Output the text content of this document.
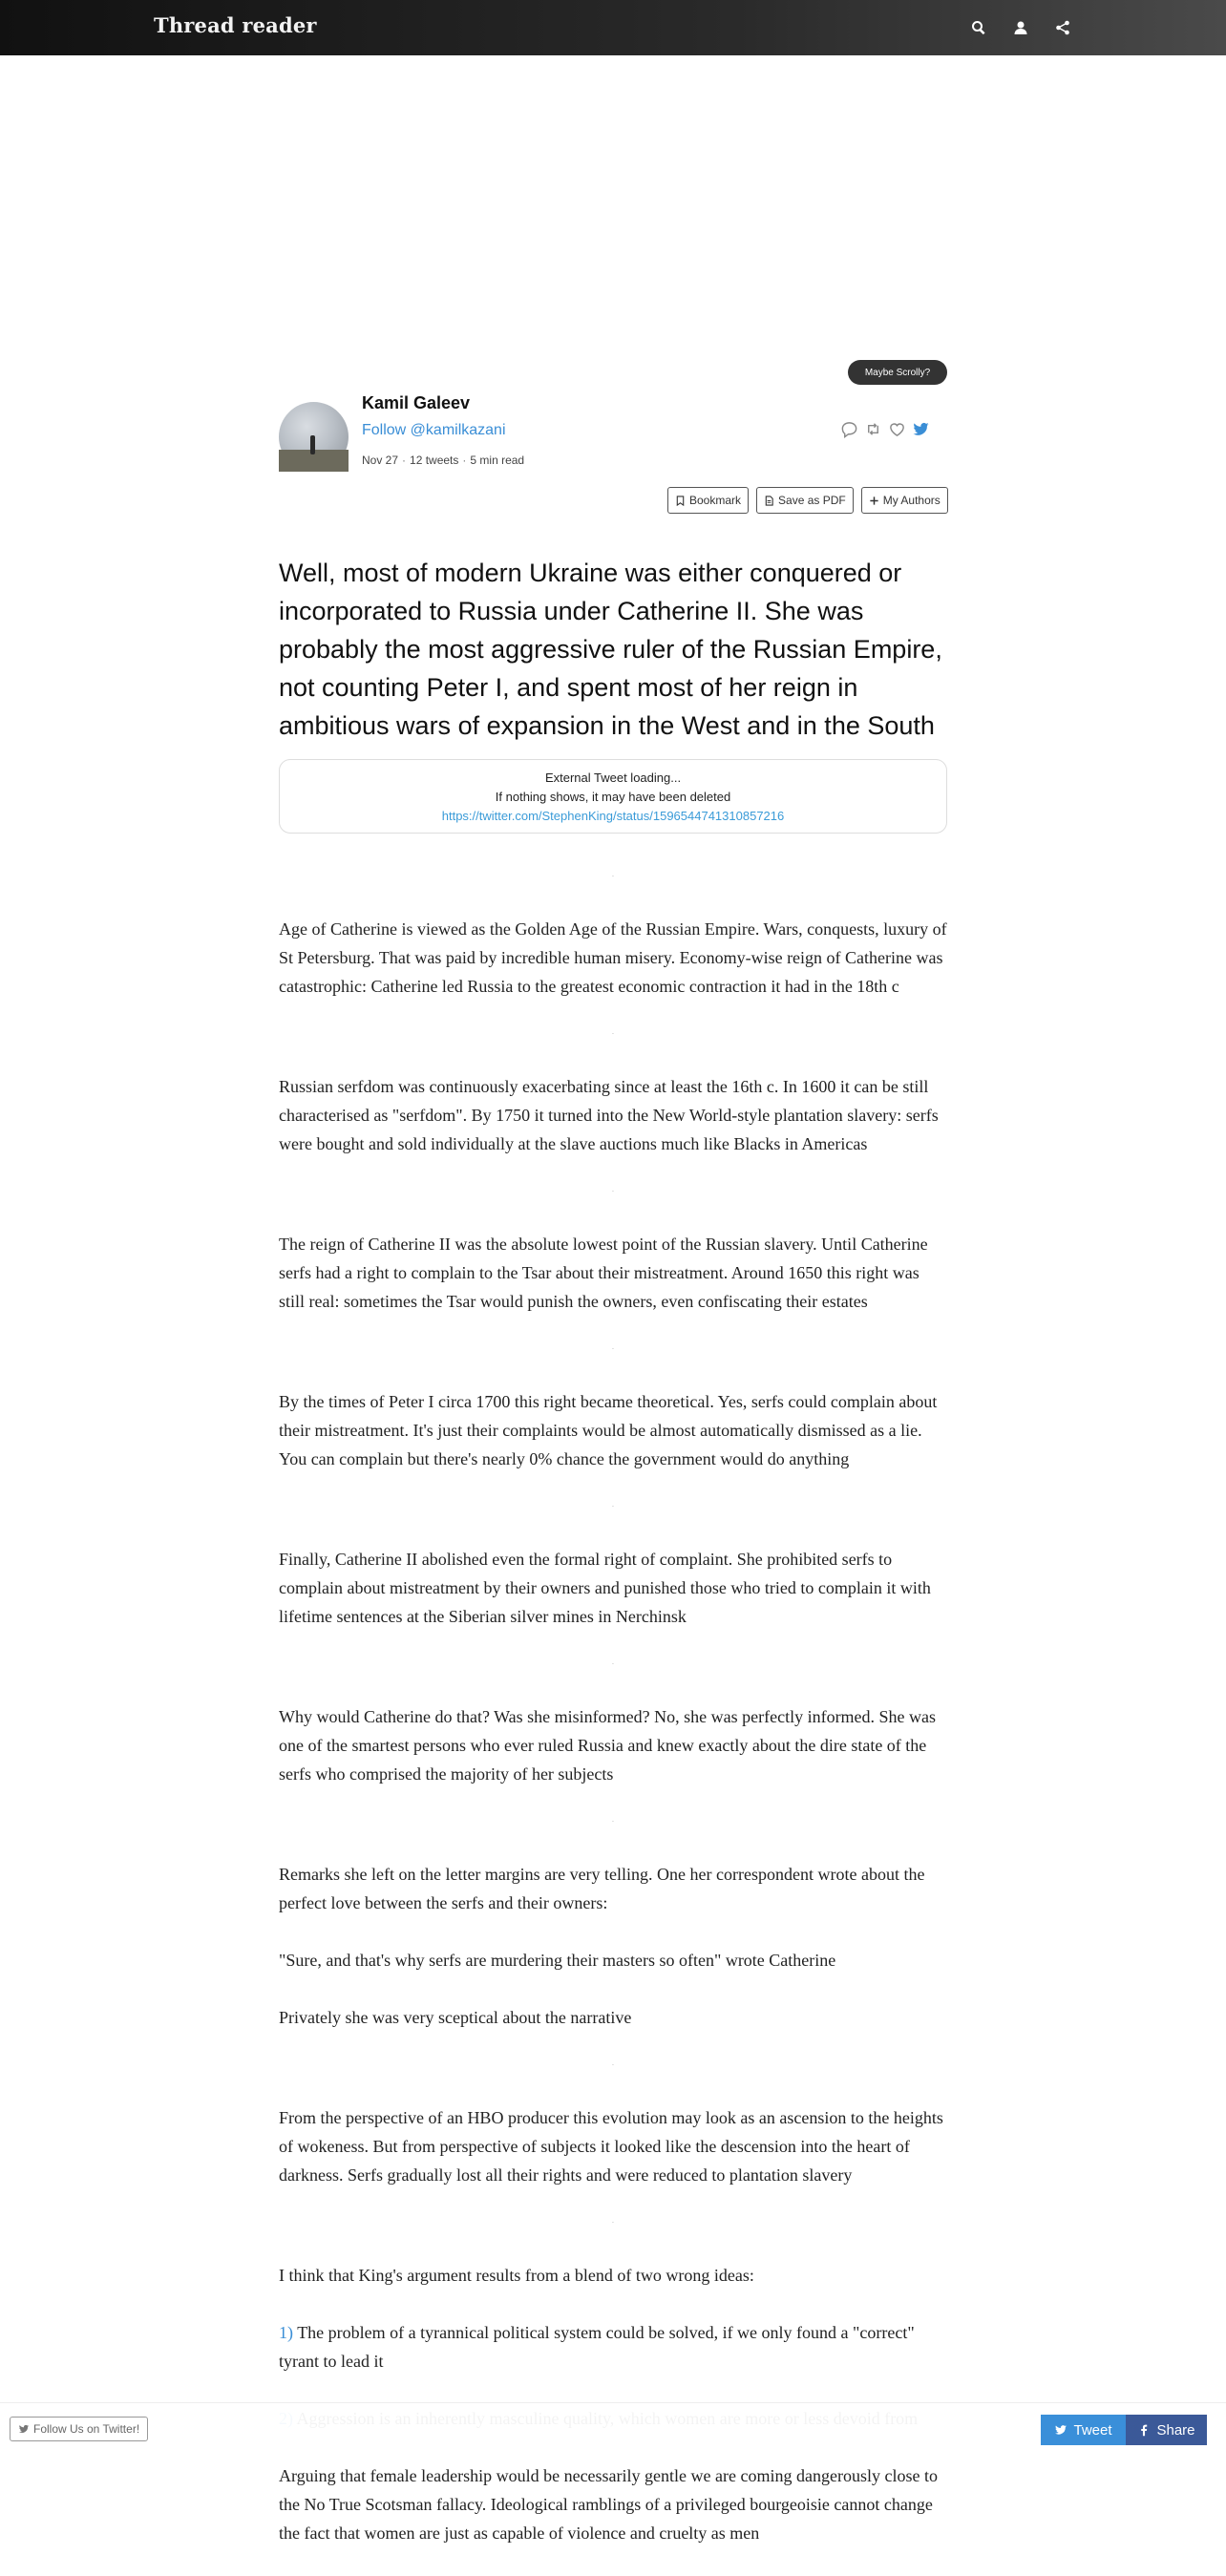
Thread reader
Maybe Scrolly?
Kamil Galeev
Follow @kamilkazani
Nov 27 · 12 tweets · 5 min read
Bookmark	Save as PDF	My Authors
Well, most of modern Ukraine was either conquered or incorporated to Russia under Catherine II. She was probably the most aggressive ruler of the Russian Empire, not counting Peter I, and spent most of her reign in ambitious wars of expansion in the West and in the South
External Tweet loading...
If nothing shows, it may have been deleted
https://twitter.com/StephenKing/status/1596544741310857216
·

Age of Catherine is viewed as the Golden Age of the Russian Empire. Wars, conquests, luxury of St Petersburg. That was paid by incredible human misery. Economy-wise reign of Catherine was catastrophic: Catherine led Russia to the greatest economic contraction it had in the 18th c

·

Russian serfdom was continuously exacerbating since at least the 16th c. In 1600 it can be still characterised as "serfdom". By 1750 it turned into the New World-style plantation slavery: serfs were bought and sold individually at the slave auctions much like Blacks in Americas

·

The reign of Catherine II was the absolute lowest point of the Russian slavery. Until Catherine serfs had a right to complain to the Tsar about their mistreatment. Around 1650 this right was still real: sometimes the Tsar would punish the owners, even confiscating their estates

·

By the times of Peter I circa 1700 this right became theoretical. Yes, serfs could complain about their mistreatment. It's just their complaints would be almost automatically dismissed as a lie. You can complain but there's nearly 0% chance the government would do anything

·

Finally, Catherine II abolished even the formal right of complaint. She prohibited serfs to complain about mistreatment by their owners and punished those who tried to complain it with lifetime sentences at the Siberian silver mines in Nerchinsk

·

Why would Catherine do that? Was she misinformed? No, she was perfectly informed. She was one of the smartest persons who ever ruled Russia and knew exactly about the dire state of the serfs who comprised the majority of her subjects

·

Remarks she left on the letter margins are very telling. One her correspondent wrote about the perfect love between the serfs and their owners:

"Sure, and that's why serfs are murdering their masters so often" wrote Catherine

Privately she was very sceptical about the narrative

·

From the perspective of an HBO producer this evolution may look as an ascension to the heights of wokeness. But from perspective of subjects it looked like the descension into the heart of darkness. Serfs gradually lost all their rights and were reduced to plantation slavery

·

I think that King's argument results from a blend of two wrong ideas:

1) The problem of a tyrannical political system could be solved, if we only found a "correct" tyrant to lead it

Arguing that female leadership would be necessarily gentle we are coming dangerously close to the No True Scotsman fallacy. Ideological ramblings of a privileged bourgeoisie cannot change the fact that women are just as capable of violence and cruelty as men

Follow Us on Twitter!	Tweet	Share
